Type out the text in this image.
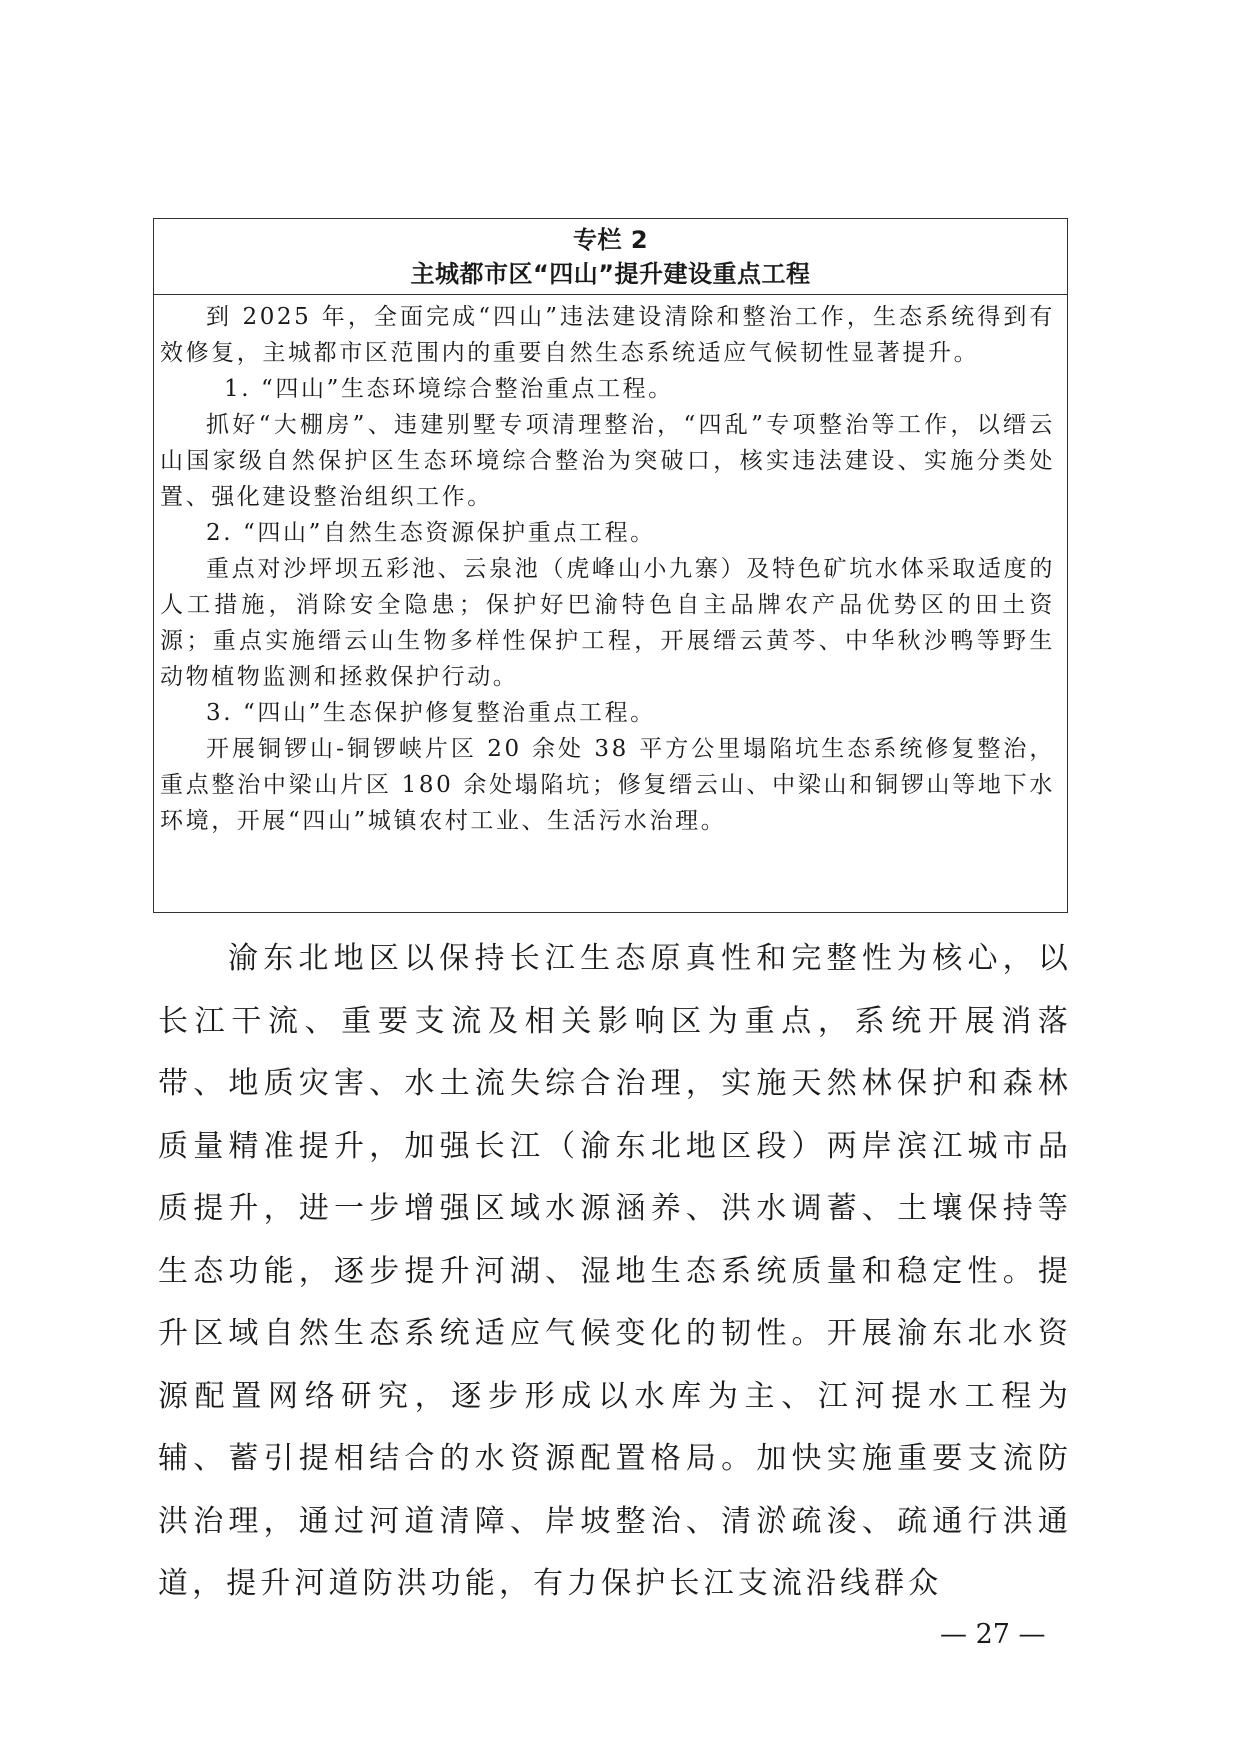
专栏 2
主城都市区“四山”提升建设重点工程

到 2025 年，全面完成“四山”违法建设清除和整治工作，生态系统得到有效修复，主城都市区范围内的重要自然生态系统适应气候韧性显著提升。

1. “四山”生态环境综合整治重点工程。

抓好“大棚房”、违建别墅专项清理整治，“四乱”专项整治等工作，以缙云山国家级自然保护区生态环境综合整治为突破口，核实违法建设、实施分类处置、强化建设整治组织工作。

2. “四山”自然生态资源保护重点工程。

重点对沙坪坝五彩池、云泉池（虎峰山小九寨）及特色矿坑水体采取适度的人工措施，消除安全隐患；保护好巴渝特色自主品牌农产品优势区的田土资源；重点实施缙云山生物多样性保护工程，开展缙云黄芩、中华秋沙鸭等野生动物植物监测和拯救保护行动。

3. “四山”生态保护修复整治重点工程。

开展铜锣山-铜锣峡片区 20 余处 38 平方公里塌陷坑生态系统修复整治，重点整治中梁山片区 180 余处塌陷坑；修复缙云山、中梁山和铜锣山等地下水环境，开展“四山”城镇农村工业、生活污水治理。

渝东北地区以保持长江生态原真性和完整性为核心，以长江干流、重要支流及相关影响区为重点，系统开展消落带、地质灾害、水土流失综合治理，实施天然林保护和森林质量精准提升，加强长江（渝东北地区段）两岸滨江城市品质提升，进一步增强区域水源涵养、洪水调蓄、土壤保持等生态功能，逐步提升河湖、湿地生态系统质量和稳定性。提升区域自然生态系统适应气候变化的韧性。开展渝东北水资源配置网络研究，逐步形成以水库为主、江河提水工程为辅、蓄引提相结合的水资源配置格局。加快实施重要支流防洪治理，通过河道清障、岸坡整治、清淤疏浚、疏通行洪通道，提升河道防洪功能，有力保护长江支流沿线群众

— 27 —
